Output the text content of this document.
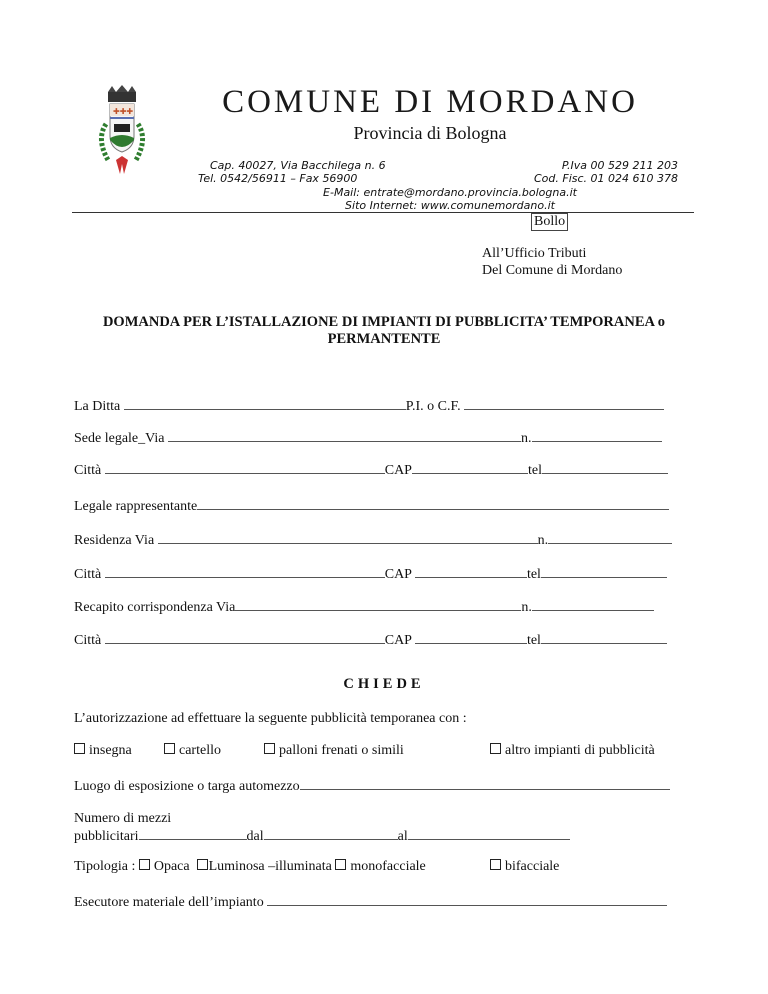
✚✚✚	COMUNE DI MORDANO
Provincia di Bologna
Cap. 40027, Via Bacchilega n. 6	P.Iva 00 529 211 203
Tel. 0542/56911 – Fax 56900	Cod. Fisc. 01 024 610 378
E-Mail: entrate@mordano.provincia.bologna.it
Sito Internet: www.comunemordano.it
Bollo
All’Ufficio Tributi
Del Comune di Mordano
DOMANDA PER L’ISTALLAZIONE DI IMPIANTI DI PUBBLICITA’ TEMPORANEA o
PERMANTENTE
La Ditta	P.I. o C.F.
Sede legale_Via	n.
Città	CAP	tel
Legale rappresentante
Residenza Via	n.
Città	CAP	tel
Recapito corrispondenza Via	n.
Città	CAP	tel
CHIEDE
L’autorizzazione ad effettuare la seguente pubblicità temporanea con :
insegna	cartello	palloni frenati o simili	altro impianti di pubblicità
Luogo di esposizione o targa automezzo
Numero di mezzi
pubblicitari	dal	al
Tipologia : Opaca Luminosa –illuminata monofacciale	bifacciale
Esecutore materiale dell’impianto
